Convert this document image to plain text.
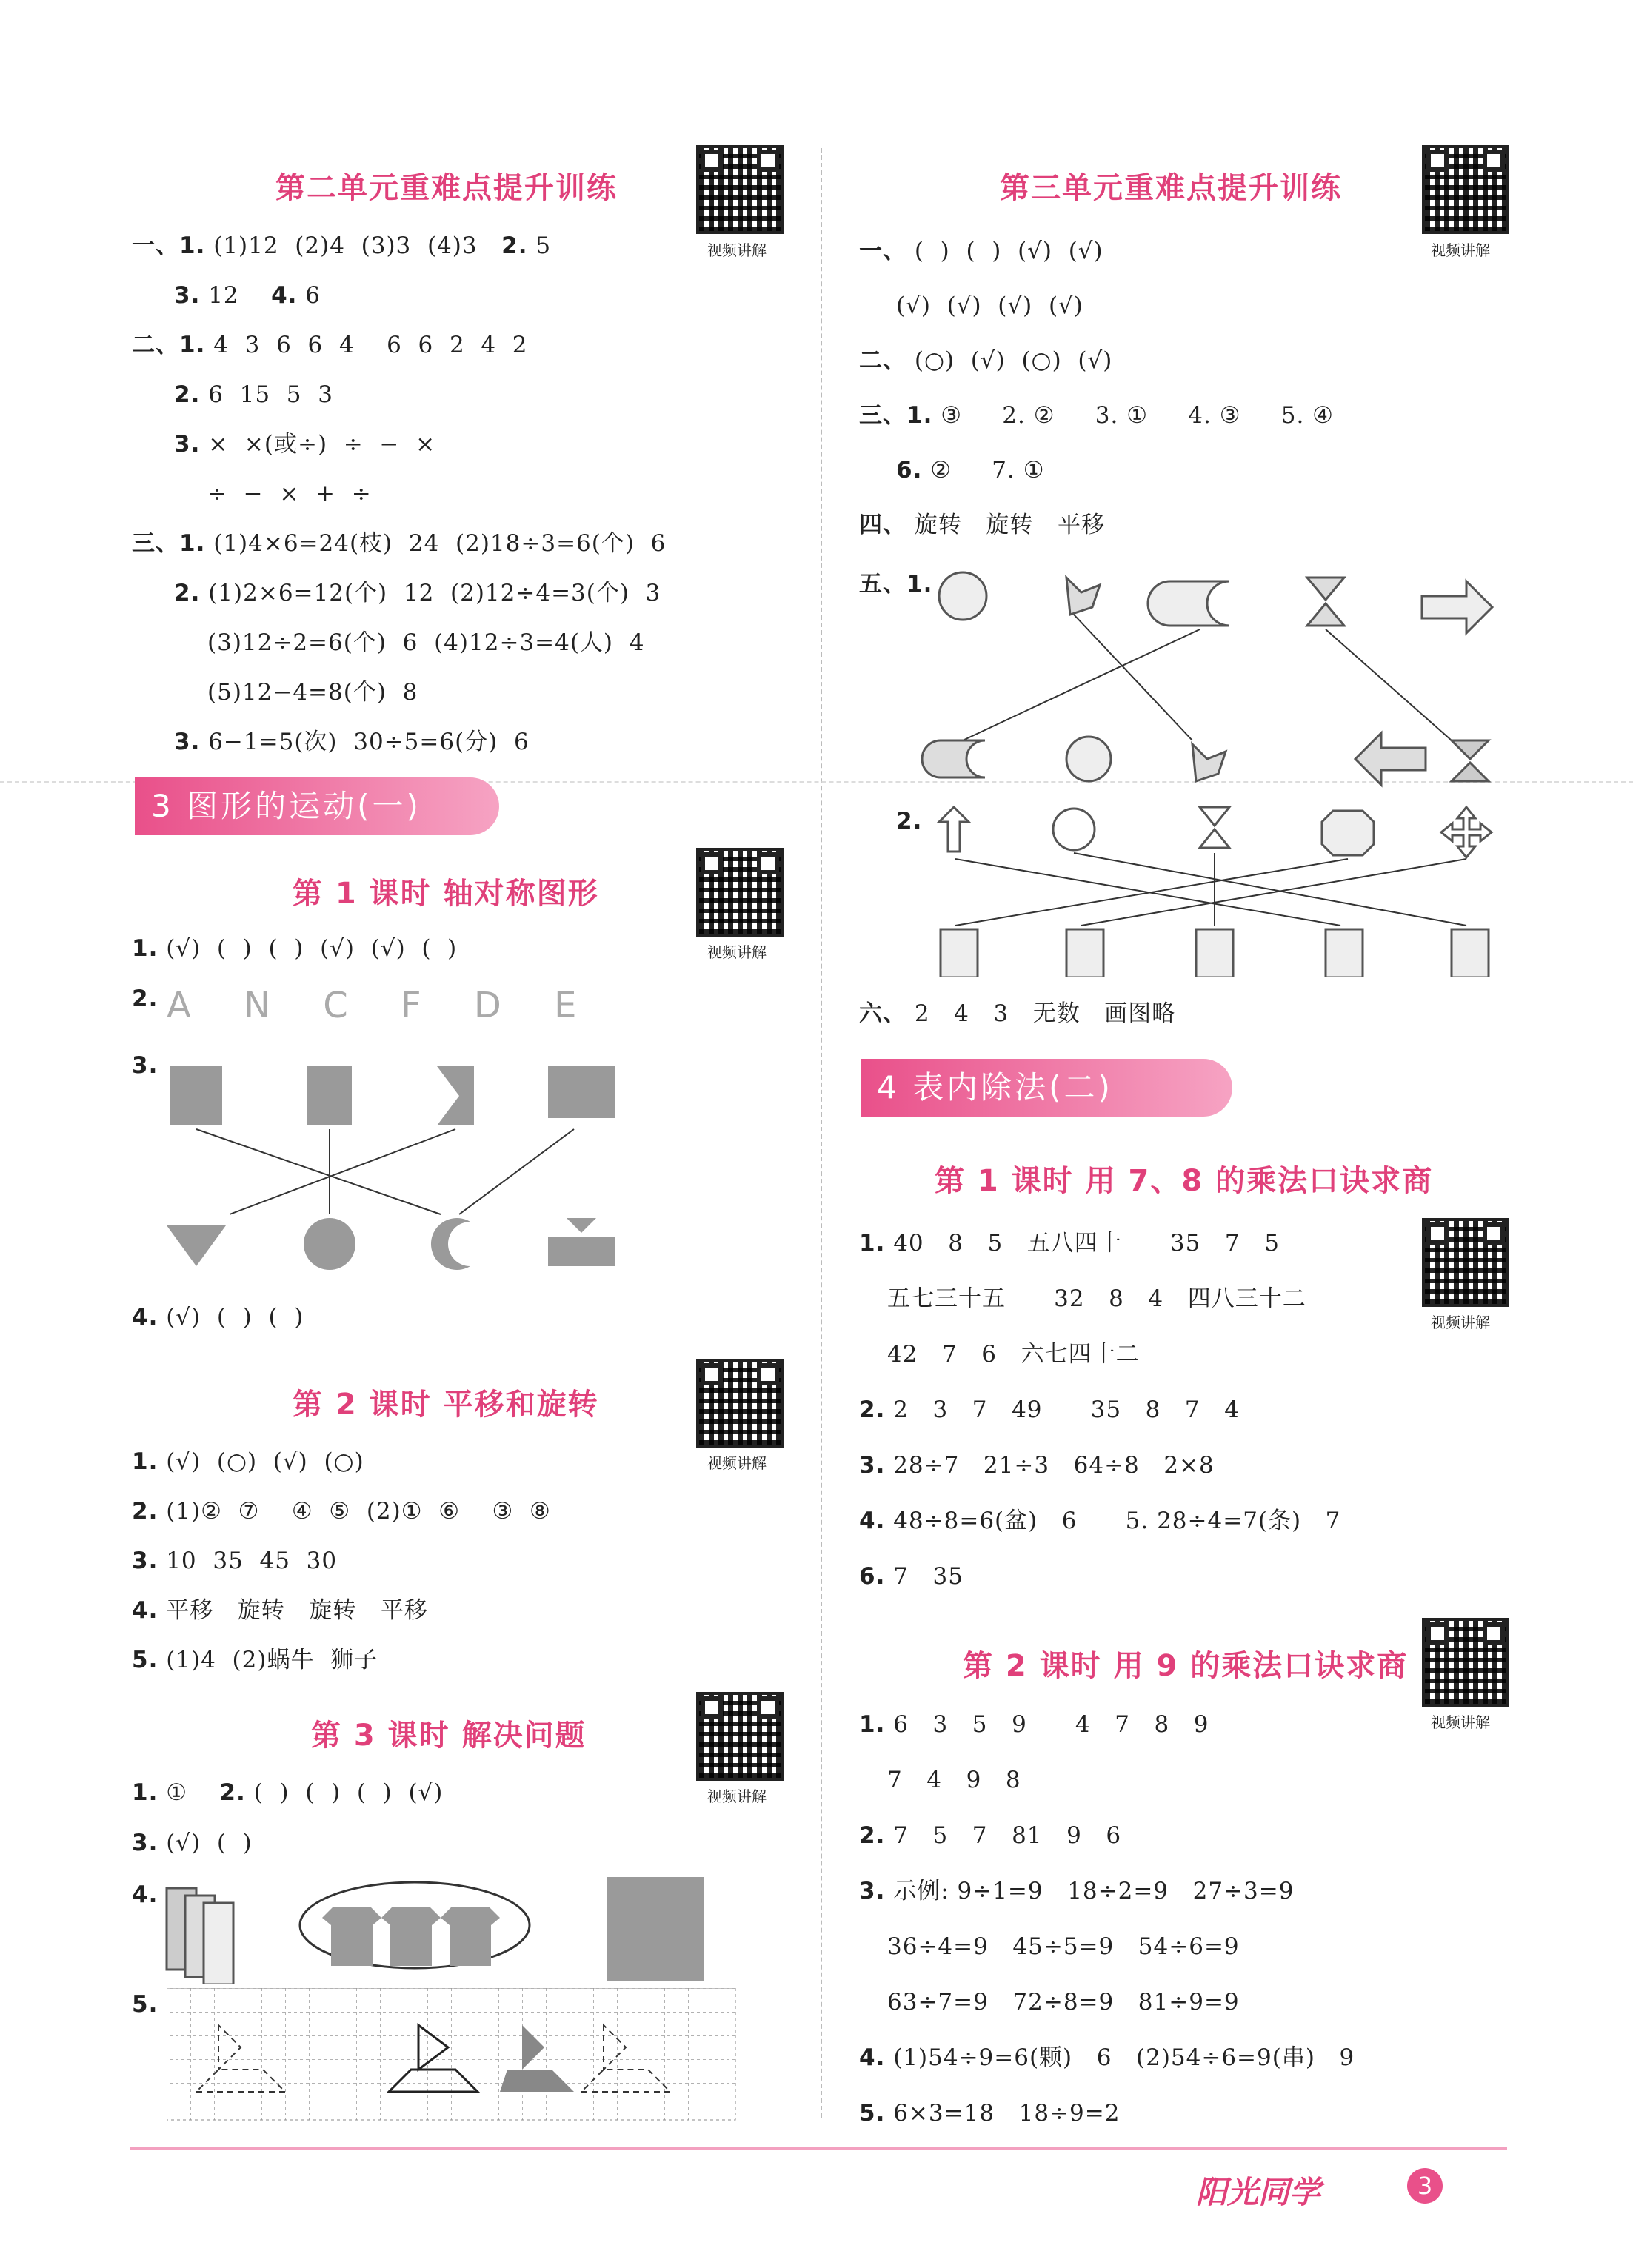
第二单元重难点提升训练
视频讲解
一、1. (1)12  (2)4  (3)3  (4)3   2. 5
3. 12    4. 6
二、1. 4  3  6  6  4    6  6  2  4  2
2. 6  15  5  3
3. ×  ×(或÷)  ÷  −  ×
÷  −  ×  +  ÷
三、1. (1)4×6=24(枝)  24  (2)18÷3=6(个)  6
2. (1)2×6=12(个)  12  (2)12÷4=3(个)  3
(3)12÷2=6(个)  6  (4)12÷3=4(人)  4
(5)12−4=8(个)  8
3. 6−1=5(次)  30÷5=6(分)  6
3 图形的运动(一)
第 1 课时 轴对称图形
视频讲解
1. (√)  (  )  (  )  (√)  (√)  (  )
2. A N C F D E
3.
4. (√)  (  )  (  )
第 2 课时 平移和旋转
视频讲解
1. (√)  (○)  (√)  (○)
2. (1)②  ⑦    ④  ⑤  (2)①  ⑥    ③  ⑧
3. 10  35  45  30
4. 平移   旋转   旋转   平移
5. (1)4  (2)蜗牛  狮子
第 3 课时 解决问题
视频讲解
1. ①    2. (  )  (  )  (  )  (√)
3. (√)  (  )
4.
5.
第三单元重难点提升训练
视频讲解
一、 (  )  (  )  (√)  (√)
(√)  (√)  (√)  (√)
二、 (○)  (√)  (○)  (√)
三、1. ③     2. ②     3. ①     4. ③     5. ④
6. ②     7. ①
四、 旋转   旋转   平移
五、1.
2.
六、 2   4   3   无数   画图略
4 表内除法(二)
第 1 课时 用 7、8 的乘法口诀求商
视频讲解
1. 40   8   5   五八四十      35   7   5
五七三十五      32   8   4   四八三十二
42   7   6   六七四十二
2. 2   3   7   49      35   8   7   4
3. 28÷7   21÷3   64÷8   2×8
4. 48÷8=6(盆)   6      5. 28÷4=7(条)   7
6. 7   35
第 2 课时 用 9 的乘法口诀求商
视频讲解
1. 6   3   5   9      4   7   8   9
7   4   9   8
2. 7   5   7   81   9   6
3. 示例: 9÷1=9   18÷2=9   27÷3=9
36÷4=9   45÷5=9   54÷6=9
63÷7=9   72÷8=9   81÷9=9
4. (1)54÷9=6(颗)   6   (2)54÷6=9(串)   9
5. 6×3=18   18÷9=2
阳光同学	3
